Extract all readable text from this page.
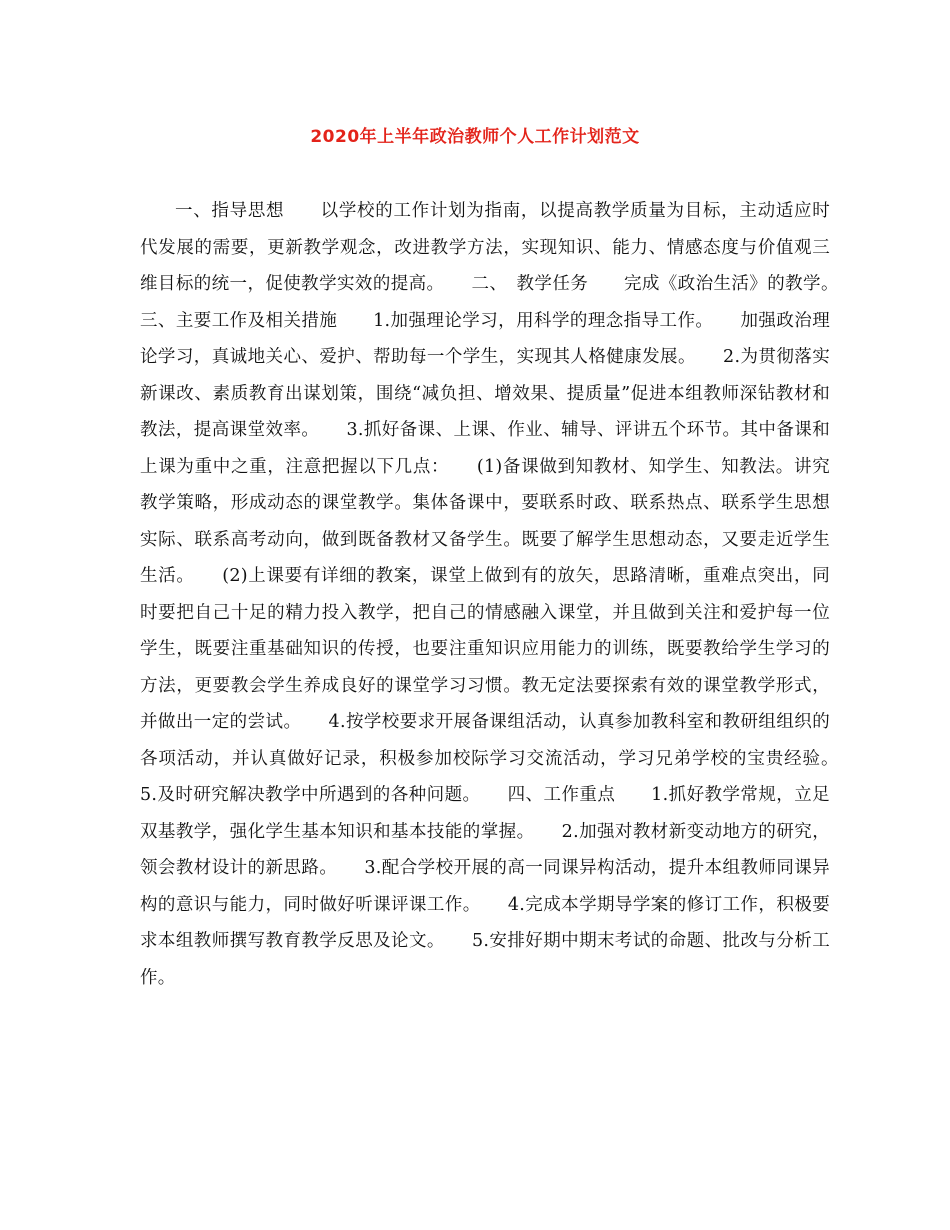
2020年上半年政治教师个人工作计划范文

一、指导思想　　以学校的工作计划为指南，以提高教学质量为目标，主动适应时代发展的需要，更新教学观念，改进教学方法，实现知识、能力、情感态度与价值观三维目标的统一，促使教学实效的提高。　　二、　教学任务　　完成《政治生活》的教学。　　三、主要工作及相关措施　　1.加强理论学习，用科学的理念指导工作。　　加强政治理论学习，真诚地关心、爱护、帮助每一个学生，实现其人格健康发展。　　2.为贯彻落实新课改、素质教育出谋划策，围绕“减负担、增效果、提质量”促进本组教师深钻教材和教法，提高课堂效率。　　3.抓好备课、上课、作业、辅导、评讲五个环节。其中备课和上课为重中之重，注意把握以下几点：　　(1)备课做到知教材、知学生、知教法。讲究教学策略，形成动态的课堂教学。集体备课中，要联系时政、联系热点、联系学生思想实际、联系高考动向，做到既备教材又备学生。既要了解学生思想动态，又要走近学生生活。　　(2)上课要有详细的教案，课堂上做到有的放矢，思路清晰，重难点突出，同时要把自己十足的精力投入教学，把自己的情感融入课堂，并且做到关注和爱护每一位学生，既要注重基础知识的传授，也要注重知识应用能力的训练，既要教给学生学习的方法，更要教会学生养成良好的课堂学习习惯。教无定法要探索有效的课堂教学形式，并做出一定的尝试。　　4.按学校要求开展备课组活动，认真参加教科室和教研组组织的各项活动，并认真做好记录，积极参加校际学习交流活动，学习兄弟学校的宝贵经验。　　5.及时研究解决教学中所遇到的各种问题。　　四、工作重点　　1.抓好教学常规，立足双基教学，强化学生基本知识和基本技能的掌握。　　2.加强对教材新变动地方的研究，领会教材设计的新思路。　　3.配合学校开展的高一同课异构活动，提升本组教师同课异构的意识与能力，同时做好听课评课工作。　　4.完成本学期导学案的修订工作，积极要求本组教师撰写教育教学反思及论文。　　5.安排好期中期末考试的命题、批改与分析工作。
